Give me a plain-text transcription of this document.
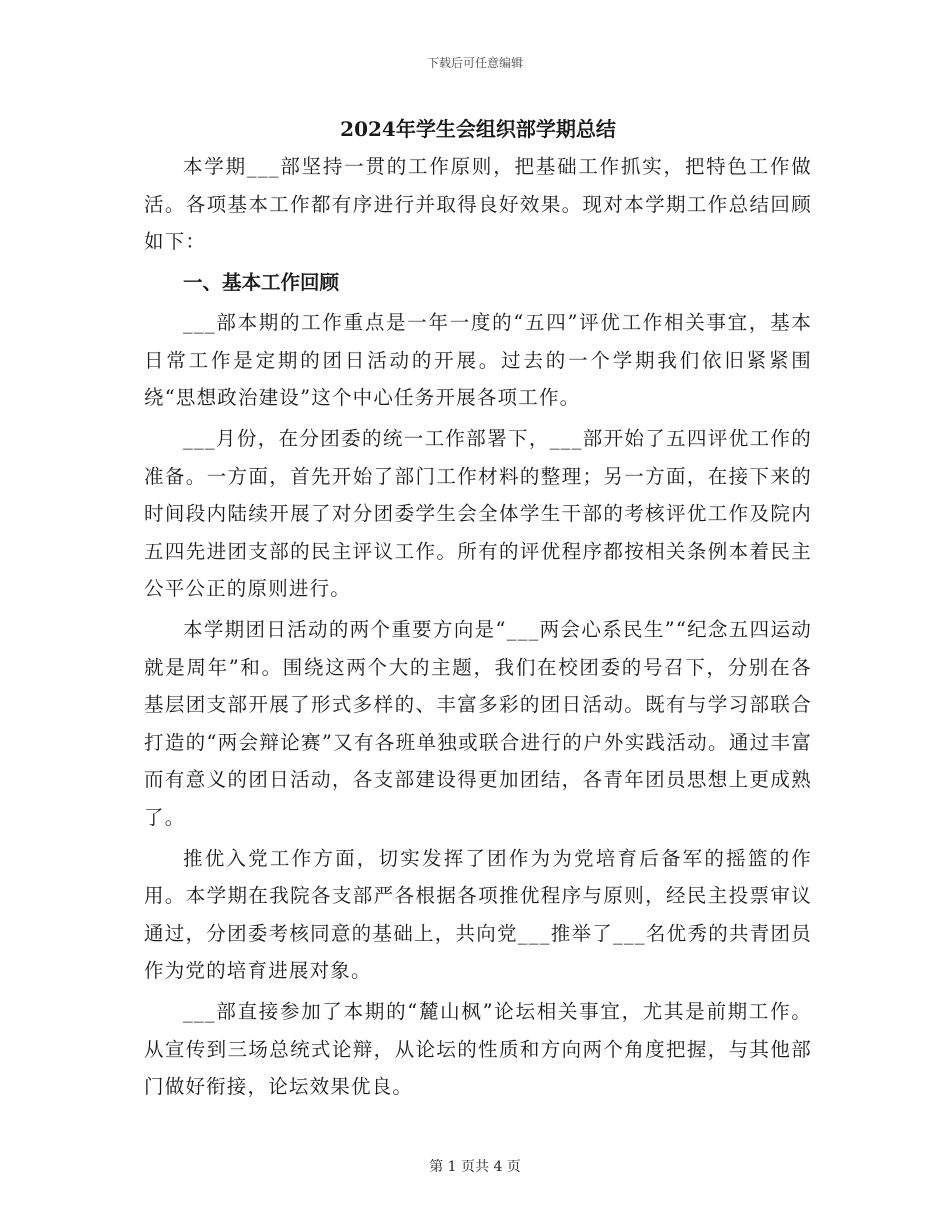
下载后可任意编辑
2024年学生会组织部学期总结

本学期___部坚持一贯的工作原则，把基础工作抓实，把特色工作做活。各项基本工作都有序进行并取得良好效果。现对本学期工作总结回顾如下：

一、基本工作回顾

___部本期的工作重点是一年一度的“五四”评优工作相关事宜，基本日常工作是定期的团日活动的开展。过去的一个学期我们依旧紧紧围绕“思想政治建设”这个中心任务开展各项工作。

___月份，在分团委的统一工作部署下，___部开始了五四评优工作的准备。一方面，首先开始了部门工作材料的整理；另一方面，在接下来的时间段内陆续开展了对分团委学生会全体学生干部的考核评优工作及院内五四先进团支部的民主评议工作。所有的评优程序都按相关条例本着民主公平公正的原则进行。

本学期团日活动的两个重要方向是“___两会心系民生”“纪念五四运动就是周年”和。围绕这两个大的主题，我们在校团委的号召下，分别在各基层团支部开展了形式多样的、丰富多彩的团日活动。既有与学习部联合打造的“两会辩论赛”又有各班单独或联合进行的户外实践活动。通过丰富而有意义的团日活动，各支部建设得更加团结，各青年团员思想上更成熟了。

推优入党工作方面，切实发挥了团作为为党培育后备军的摇篮的作用。本学期在我院各支部严各根据各项推优程序与原则，经民主投票审议通过，分团委考核同意的基础上，共向党___推举了___名优秀的共青团员作为党的培育进展对象。

___部直接参加了本期的“麓山枫”论坛相关事宜，尤其是前期工作。从宣传到三场总统式论辩，从论坛的性质和方向两个角度把握，与其他部门做好衔接，论坛效果优良。

第 1 页共 4 页
